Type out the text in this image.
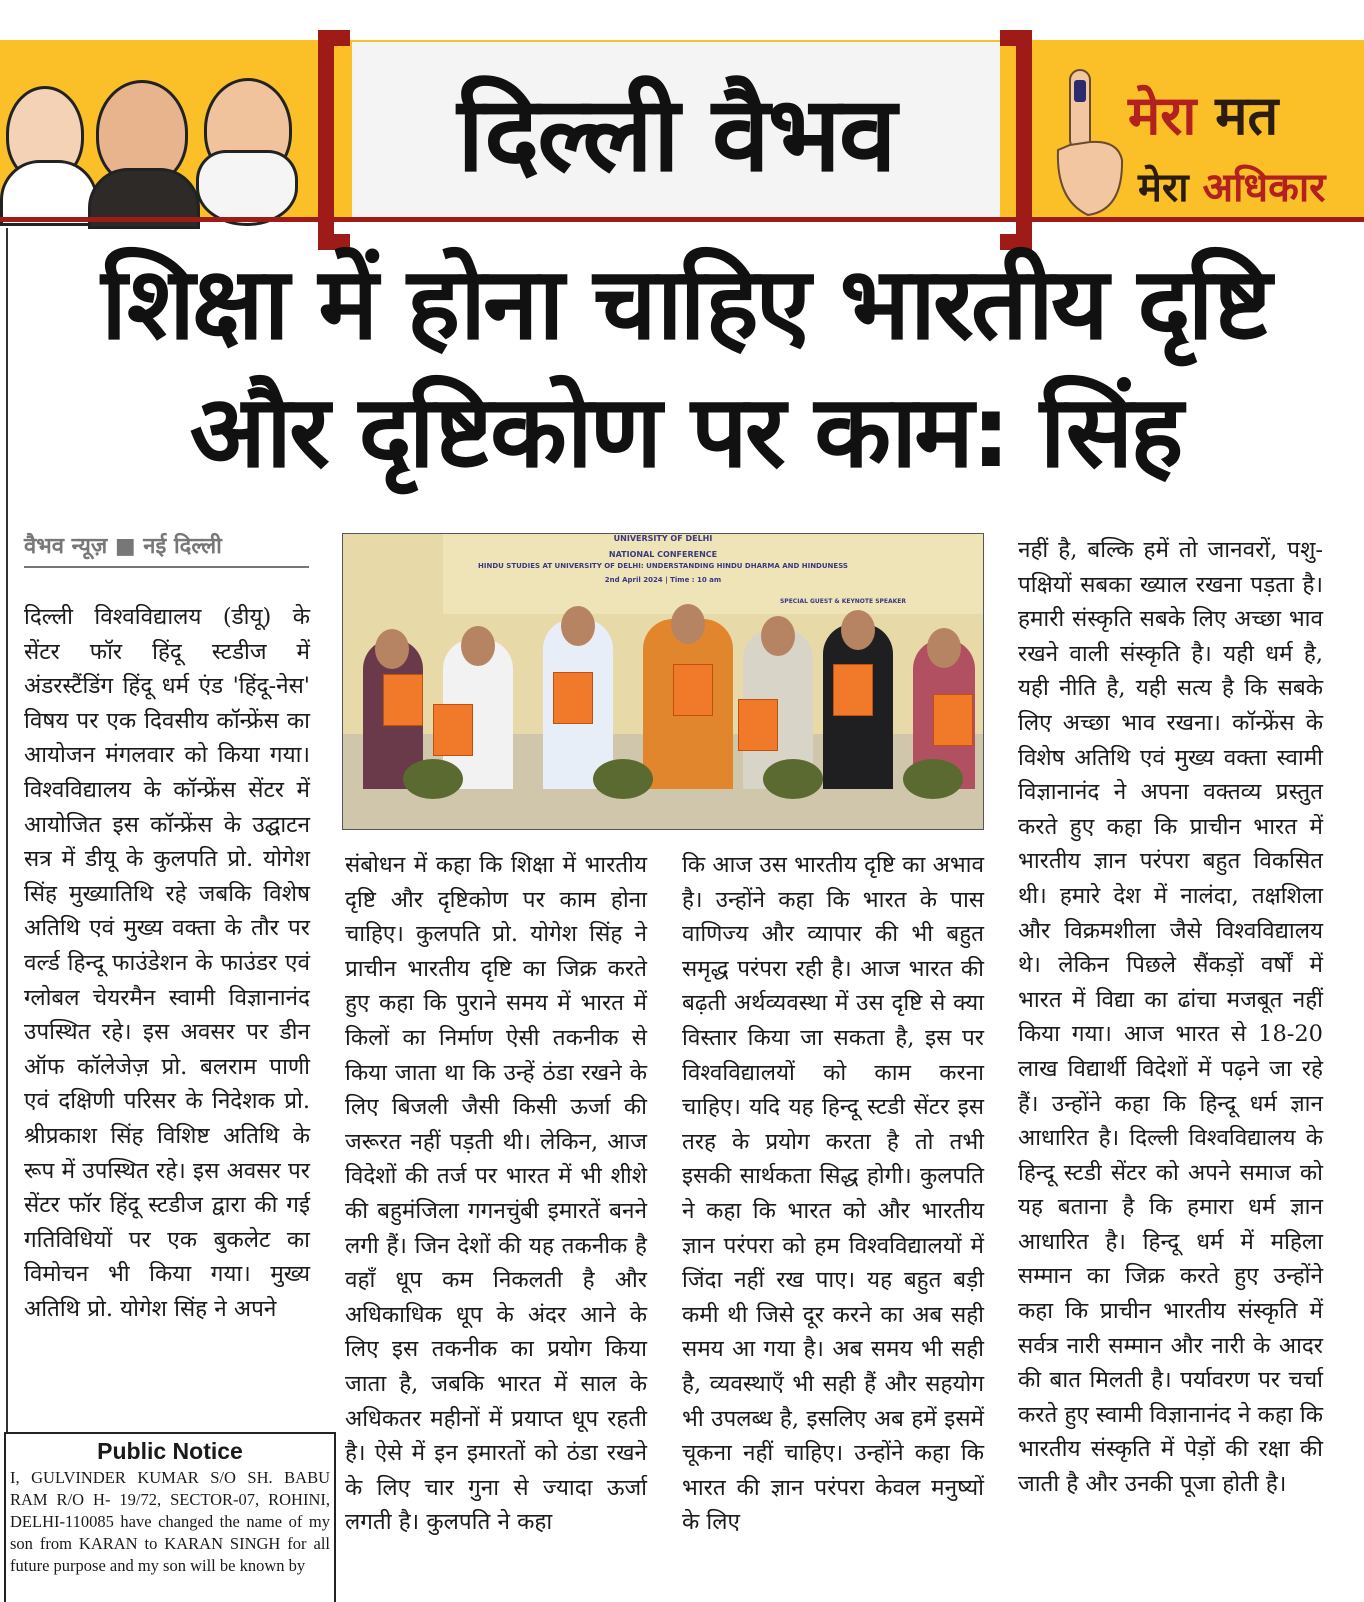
दिल्ली वैभव	मेरा मत
मेरा अधिकार
शिक्षा में होना चाहिए भारतीय दृष्टि
और दृष्टिकोण पर काम: सिंह
वैभव न्यूज़ ■ नई दिल्ली	UNIVERSITY OF DELHI
NATIONAL CONFERENCE
HINDU STUDIES AT UNIVERSITY OF DELHI: UNDERSTANDING HINDU DHARMA AND HINDUNESS
2nd April 2024 | Time : 10 am
SPECIAL GUEST & KEYNOTE SPEAKER
दिल्ली विश्वविद्यालय (डीयू) के सेंटर फॉर हिंदू स्टडीज में अंडरस्टैंडिंग हिंदू धर्म एंड 'हिंदू-नेस' विषय पर एक दिवसीय कॉन्फ्रेंस का आयोजन मंगलवार को किया गया। विश्वविद्यालय के कॉन्फ्रेंस सेंटर में आयोजित इस कॉन्फ्रेंस के उद्घाटन सत्र में डीयू के कुलपति प्रो. योगेश सिंह मुख्यातिथि रहे जबकि विशेष अतिथि एवं मुख्य वक्ता के तौर पर वर्ल्ड हिन्दू फाउंडेशन के फाउंडर एवं ग्लोबल चेयरमैन स्वामी विज्ञानानंद उपस्थित रहे। इस अवसर पर डीन ऑफ कॉलेजेज़ प्रो. बलराम पाणी एवं दक्षिणी परिसर के निदेशक प्रो. श्रीप्रकाश सिंह विशिष्ट अतिथि के रूप में उपस्थित रहे। इस अवसर पर सेंटर फॉर हिंदू स्टडीज द्वारा की गई गतिविधियों पर एक बुकलेट का विमोचन भी किया गया। मुख्य अतिथि प्रो. योगेश सिंह ने अपने
संबोधन में कहा कि शिक्षा में भारतीय दृष्टि और दृष्टिकोण पर काम होना चाहिए। कुलपति प्रो. योगेश सिंह ने प्राचीन भारतीय दृष्टि का जिक्र करते हुए कहा कि पुराने समय में भारत में किलों का निर्माण ऐसी तकनीक से किया जाता था कि उन्हें ठंडा रखने के लिए बिजली जैसी किसी ऊर्जा की जरूरत नहीं पड़ती थी। लेकिन, आज विदेशों की तर्ज पर भारत में भी शीशे की बहुमंजिला गगनचुंबी इमारतें बनने लगी हैं। जिन देशों की यह तकनीक है वहाँ धूप कम निकलती है और अधिकाधिक धूप के अंदर आने के लिए इस तकनीक का प्रयोग किया जाता है, जबकि भारत में साल के अधिकतर महीनों में प्रयाप्त धूप रहती है। ऐसे में इन इमारतों को ठंडा रखने के लिए चार गुना से ज्यादा ऊर्जा लगती है। कुलपति ने कहा
कि आज उस भारतीय दृष्टि का अभाव है। उन्होंने कहा कि भारत के पास वाणिज्य और व्यापार की भी बहुत समृद्ध परंपरा रही है। आज भारत की बढ़ती अर्थव्यवस्था में उस दृष्टि से क्या विस्तार किया जा सकता है, इस पर विश्वविद्यालयों को काम करना चाहिए। यदि यह हिन्दू स्टडी सेंटर इस तरह के प्रयोग करता है तो तभी इसकी सार्थकता सिद्ध होगी। कुलपति ने कहा कि भारत को और भारतीय ज्ञान परंपरा को हम विश्वविद्यालयों में जिंदा नहीं रख पाए। यह बहुत बड़ी कमी थी जिसे दूर करने का अब सही समय आ गया है। अब समय भी सही है, व्यवस्थाएँ भी सही हैं और सहयोग भी उपलब्ध है, इसलिए अब हमें इसमें चूकना नहीं चाहिए। उन्होंने कहा कि भारत की ज्ञान परंपरा केवल मनुष्यों के लिए
नहीं है, बल्कि हमें तो जानवरों, पशु-पक्षियों सबका ख्याल रखना पड़ता है। हमारी संस्कृति सबके लिए अच्छा भाव रखने वाली संस्कृति है। यही धर्म है, यही नीति है, यही सत्य है कि सबके लिए अच्छा भाव रखना। कॉन्फ्रेंस के विशेष अतिथि एवं मुख्य वक्ता स्वामी विज्ञानानंद ने अपना वक्तव्य प्रस्तुत करते हुए कहा कि प्राचीन भारत में भारतीय ज्ञान परंपरा बहुत विकसित थी। हमारे देश में नालंदा, तक्षशिला और विक्रमशीला जैसे विश्वविद्यालय थे। लेकिन पिछले सैंकड़ों वर्षों में भारत में विद्या का ढांचा मजबूत नहीं किया गया। आज भारत से 18-20 लाख विद्यार्थी विदेशों में पढ़ने जा रहे हैं। उन्होंने कहा कि हिन्दू धर्म ज्ञान आधारित है। दिल्ली विश्वविद्यालय के हिन्दू स्टडी सेंटर को अपने समाज को यह बताना है कि हमारा धर्म ज्ञान आधारित है। हिन्दू धर्म में महिला सम्मान का जिक्र करते हुए उन्होंने कहा कि प्राचीन भारतीय संस्कृति में सर्वत्र नारी सम्मान और नारी के आदर की बात मिलती है। पर्यावरण पर चर्चा करते हुए स्वामी विज्ञानानंद ने कहा कि भारतीय संस्कृति में पेड़ों की रक्षा की जाती है और उनकी पूजा होती है।
Public Notice
I, GULVINDER KUMAR S/O SH. BABU RAM R/O H- 19/72, SECTOR-07, ROHINI, DELHI-110085 have changed the name of my son from KARAN to KARAN SINGH for all future purpose and my son will be known by
